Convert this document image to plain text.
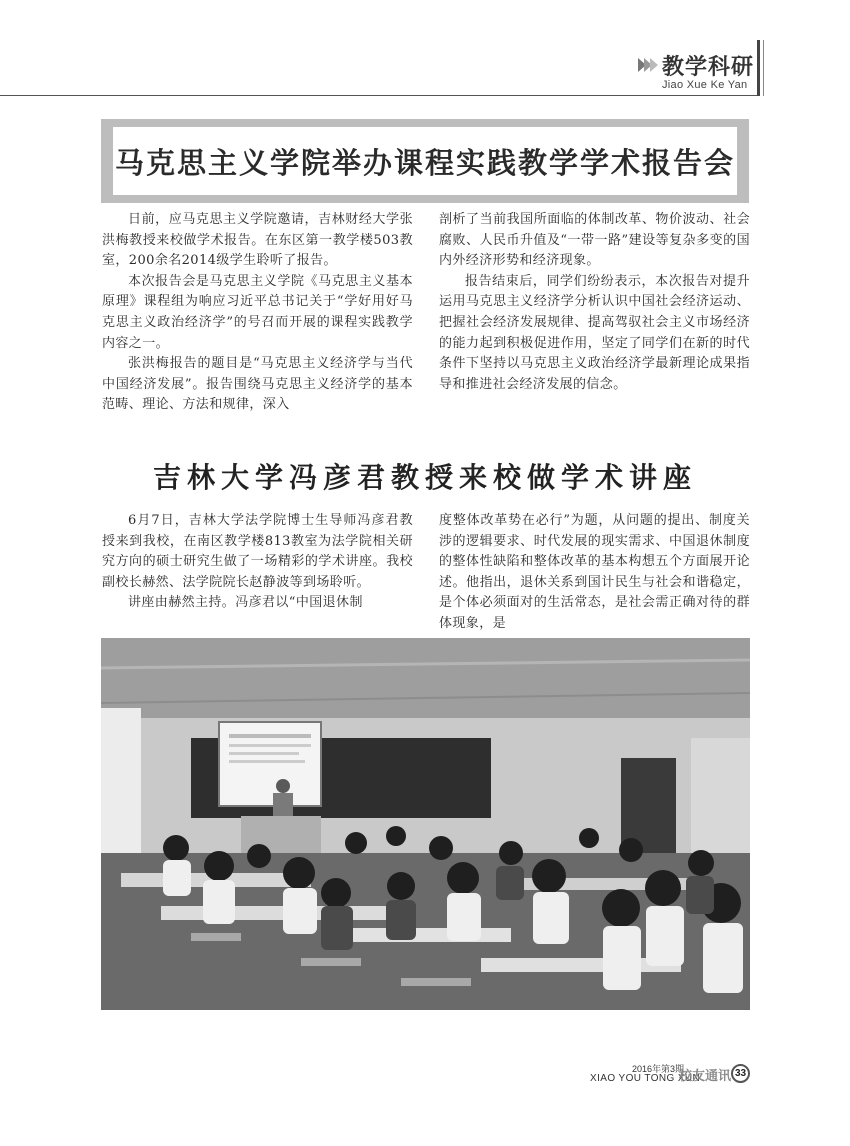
教学科研
Jiao Xue Ke Yan
马克思主义学院举办课程实践教学学术报告会

日前，应马克思主义学院邀请，吉林财经大学张洪梅教授来校做学术报告。在东区第一教学楼503教室，200余名2014级学生聆听了报告。

本次报告会是马克思主义学院《马克思主义基本原理》课程组为响应习近平总书记关于“学好用好马克思主义政治经济学”的号召而开展的课程实践教学内容之一。

张洪梅报告的题目是“马克思主义经济学与当代中国经济发展”。报告围绕马克思主义经济学的基本范畴、理论、方法和规律，深入

剖析了当前我国所面临的体制改革、物价波动、社会腐败、人民币升值及“一带一路”建设等复杂多变的国内外经济形势和经济现象。

报告结束后，同学们纷纷表示，本次报告对提升运用马克思主义经济学分析认识中国社会经济运动、把握社会经济发展规律、提高驾驭社会主义市场经济的能力起到积极促进作用，坚定了同学们在新的时代条件下坚持以马克思主义政治经济学最新理论成果指导和推进社会经济发展的信念。

吉林大学冯彦君教授来校做学术讲座

6月7日，吉林大学法学院博士生导师冯彦君教授来到我校，在南区教学楼813教室为法学院相关研究方向的硕士研究生做了一场精彩的学术讲座。我校副校长赫然、法学院院长赵静波等到场聆听。

讲座由赫然主持。冯彦君以“中国退休制

度整体改革势在必行”为题，从问题的提出、制度关涉的逻辑要求、时代发展的现实需求、中国退休制度的整体性缺陷和整体改革的基本构想五个方面展开论述。他指出，退休关系到国计民生与社会和谐稳定，是个体必须面对的生活常态，是社会需正确对待的群体现象，是

2016年第3期
XIAO YOU TONG XUN
校友通讯 33
